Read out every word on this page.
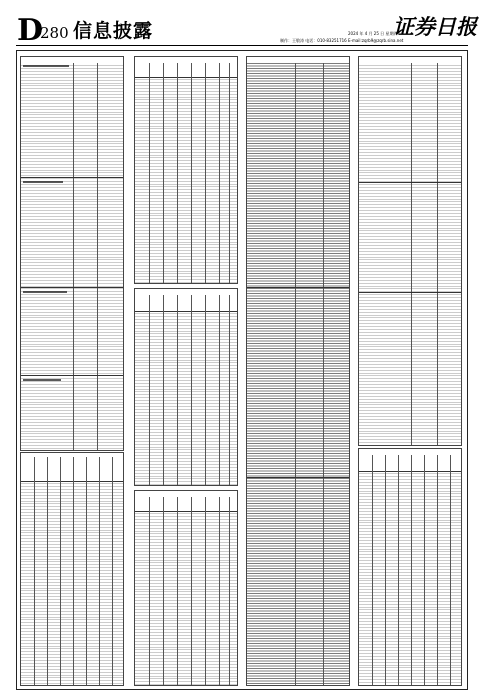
D
280 信息披露	2024 年 4 月 25 日 星期四
制作：王敬涛 电话：010-83251716 E-mail:zqrb9@zqrb.sina.net
证券日报
